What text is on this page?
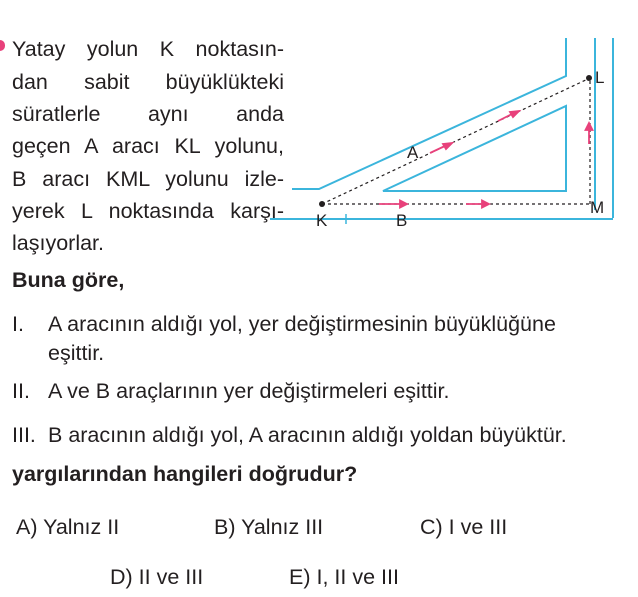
Yatay yolun K noktasın-
dan sabit büyüklükteki
süratlerle aynı anda
geçen A aracı KL yolunu,
B aracı KML yolunu izle-
yerek L noktasında karşı-
laşıyorlar.
K	B
A
M
L
Buna göre,
I. A aracının aldığı yol, yer değiştirmesinin büyüklüğüne
eşittir.
II. A ve B araçlarının yer değiştirmeleri eşittir.
III. B aracının aldığı yol, A aracının aldığı yoldan büyüktür.
yargılarından hangileri doğrudur?
A) Yalnız II	B) Yalnız III	C) I ve III
D) II ve III	E) I, II ve III
